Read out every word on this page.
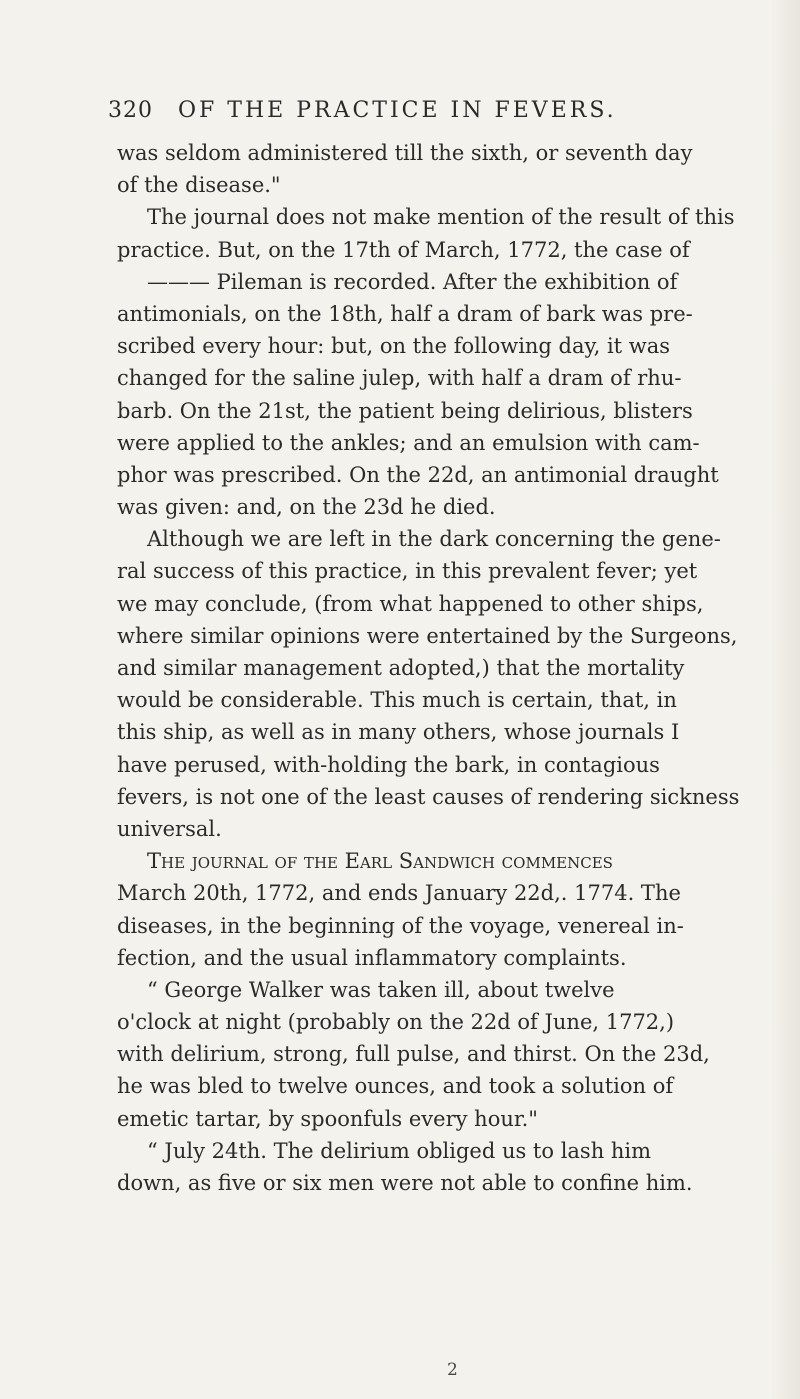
320 OF THE PRACTICE IN FEVERS.
was seldom administered till the sixth, or seventh day
of the disease."
The journal does not make mention of the result of this
practice. But, on the 17th of March, 1772, the case of
——— Pileman is recorded. After the exhibition of
antimonials, on the 18th, half a dram of bark was pre-
scribed every hour: but, on the following day, it was
changed for the saline julep, with half a dram of rhu-
barb. On the 21st, the patient being delirious, blisters
were applied to the ankles; and an emulsion with cam-
phor was prescribed. On the 22d, an antimonial draught
was given: and, on the 23d he died.
Although we are left in the dark concerning the gene-
ral success of this practice, in this prevalent fever; yet
we may conclude, (from what happened to other ships,
where similar opinions were entertained by the Surgeons,
and similar management adopted,) that the mortality
would be considerable. This much is certain, that, in
this ship, as well as in many others, whose journals I
have perused, with-holding the bark, in contagious
fevers, is not one of the least causes of rendering sickness
universal.
The journal of the Earl Sandwich commences
March 20th, 1772, and ends January 22d,. 1774. The
diseases, in the beginning of the voyage, venereal in-
fection, and the usual inflammatory complaints.
“ George Walker was taken ill, about twelve
o'clock at night (probably on the 22d of June, 1772,)
with delirium, strong, full pulse, and thirst. On the 23d,
he was bled to twelve ounces, and took a solution of
emetic tartar, by spoonfuls every hour."
“ July 24th. The delirium obliged us to lash him
down, as five or six men were not able to confine him.
2
